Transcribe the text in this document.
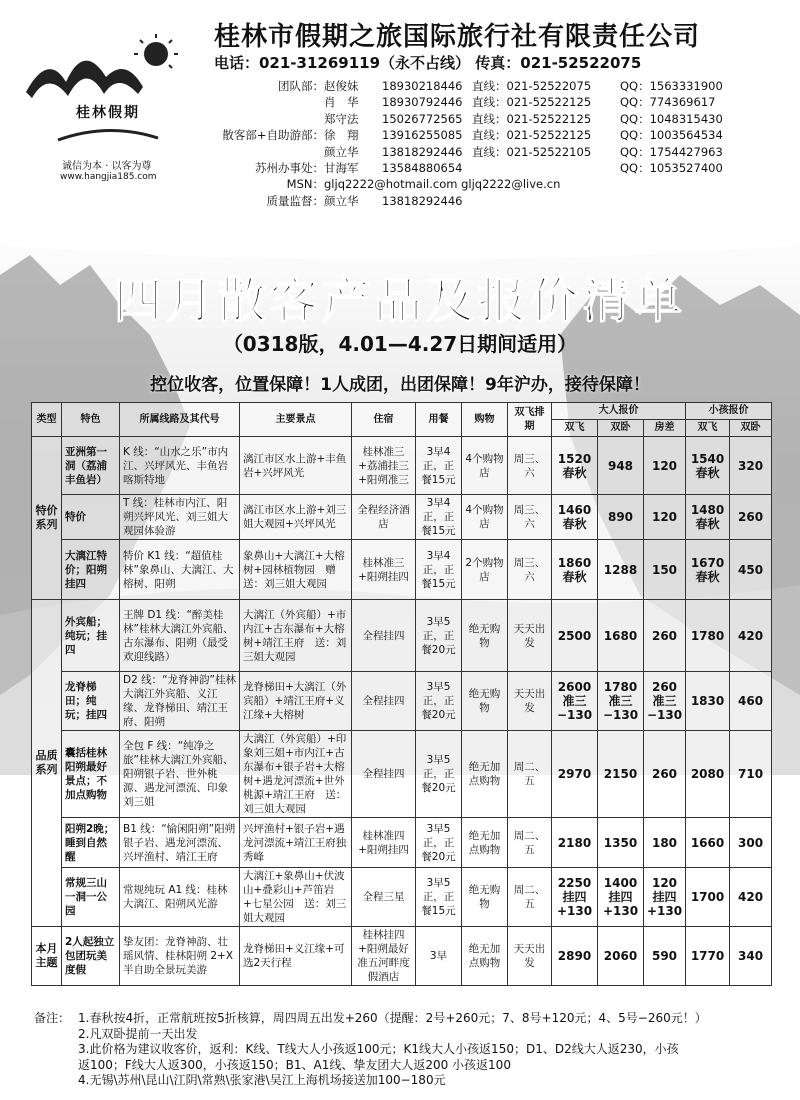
桂林假期
诚信为本 · 以客为尊
www.hangjia185.com
桂林市假期之旅国际旅行社有限责任公司
电话：021-31269119（永不占线） 传真：021-52522075
团队部： 赵俊妹	18930218446 直线：021-52522075	QQ：1563331900
肖　华	18930792446 直线：021-52522125	QQ：774369617
郑守法	15026772565 直线：021-52522125	QQ：1048315430
散客部+自助游部： 徐　翔	13916255085 直线：021-52522125	QQ：1003564534
颜立华	13818292446 直线：021-52522105	QQ：1754427963
苏州办事处： 甘海军	13584880654	QQ：1053527400
MSN： gljq2222@hotmail.com gljq2222@live.cn
质量监督： 颜立华	13818292446
四月散客产品及报价清单
（0318版，4.01—4.27日期间适用）
控位收客，位置保障！1人成团，出团保障！9年沪办，接待保障！
类型	特色	所属线路及其代号	主要景点	住宿	用餐	购物	双飞排期	大人报价			小孩报价	
								双飞	双卧	房差	双飞	双卧
特价系列	亚洲第一洞（荔浦丰鱼岩）	K 线：“山水之乐”市内江、兴坪风光、丰鱼岩喀斯特地	漓江市区水上游+丰鱼岩+兴坪风光	桂林准三+荔浦挂三+阳朔准三	3早4正，正餐15元	4个购物店	周三、六	1520春秋	948	120	1540春秋	320
	特价	T 线：桂林市内江、阳朔兴坪风光、刘三姐大观园体验游	漓江市区水上游+刘三姐大观园+兴坪风光	全程经济酒店	3早4正，正餐15元	4个购物店	周三、六	1460春秋	890	120	1480春秋	260
	大漓江特价；阳朔挂四	特价 K1 线：“超值桂林”象鼻山、大漓江、大榕树、阳朔	象鼻山+大漓江+大榕树+园林植物园　赠送：刘三姐大观园	桂林准三+阳朔挂四	3早4正，正餐15元	2个购物店	周三、六	1860春秋	1288	150	1670春秋	450
品质系列	外宾船；纯玩；挂四	王牌 D1 线：“醉美桂林”桂林大漓江外宾船、古东瀑布、阳朔（最受欢迎线路）	大漓江（外宾船）+市内江+古东瀑布+大榕树+靖江王府　送：刘三姐大观园	全程挂四	3早5正，正餐20元	绝无购物	天天出发	2500	1680	260	1780	420
	龙脊梯田；纯玩；挂四	D2 线：“龙脊神韵”桂林大漓江外宾船、义江缘、龙脊梯田、靖江王府、阳朔	龙脊梯田+大漓江（外宾船）+靖江王府+义江缘+大榕树	全程挂四	3早5正，正餐20元	绝无购物	天天出发	2600准三−130	1780准三−130	260准三−130	1830	460
	囊括桂林阳朔最好景点；不加点购物	全包 F 线：“纯净之旅”桂林大漓江外宾船、阳朔银子岩、世外桃源、遇龙河漂流、印象刘三姐	大漓江（外宾船）+印象刘三姐+市内江+古东瀑布+银子岩+大榕树+遇龙河漂流+世外桃源+靖江王府　送：刘三姐大观园	全程挂四	3早5正，正餐20元	绝无加点购物	周二、五	2970	2150	260	2080	710
	阳朔2晚；睡到自然醒	B1 线：“愉闲阳朔”阳朔银子岩、遇龙河漂流、兴坪渔村、靖江王府	兴坪渔村+银子岩+遇龙河漂流+靖江王府独秀峰	桂林准四+阳朔挂四	3早5正，正餐20元	绝无加点购物	周二、五	2180	1350	180	1660	300
	常规三山一洞一公园	常规纯玩 A1 线：桂林大漓江、阳朔风光游	大漓江+象鼻山+伏波山+叠彩山+芦笛岩+七星公园　送：刘三姐大观园	全程三星	3早5正，正餐15元	绝无购物	周二、五	2250挂四+130	1400挂四+130	120挂四+130	1700	420
本月主题	2人起独立包团玩美度假	挚友团：龙脊神韵、壮瑶风情、桂林阳朔 2+X 半自助全景玩美游	龙脊梯田+义江缘+可选2天行程	桂林挂四+阳朔最好准五河畔度假酒店	3早	绝无加点购物	天天出发	2890	2060	590	1770	340
备注： 1.春秋按4折，正常航班按5折核算，周四周五出发+260（提醒：2号+260元；7、8号+120元；4、5号−260元！）
2.凡双卧提前一天出发
3.此价格为建议收客价，返利：K线、T线大人小孩返100元；K1线大人小孩返150；D1、D2线大人返230，小孩
返100；F线大人返300，小孩返150；B1、A1线、挚友团大人返200 小孩返100
4.无锡\苏州\昆山\江阴\常熟\张家港\吴江上海机场接送加100−180元
